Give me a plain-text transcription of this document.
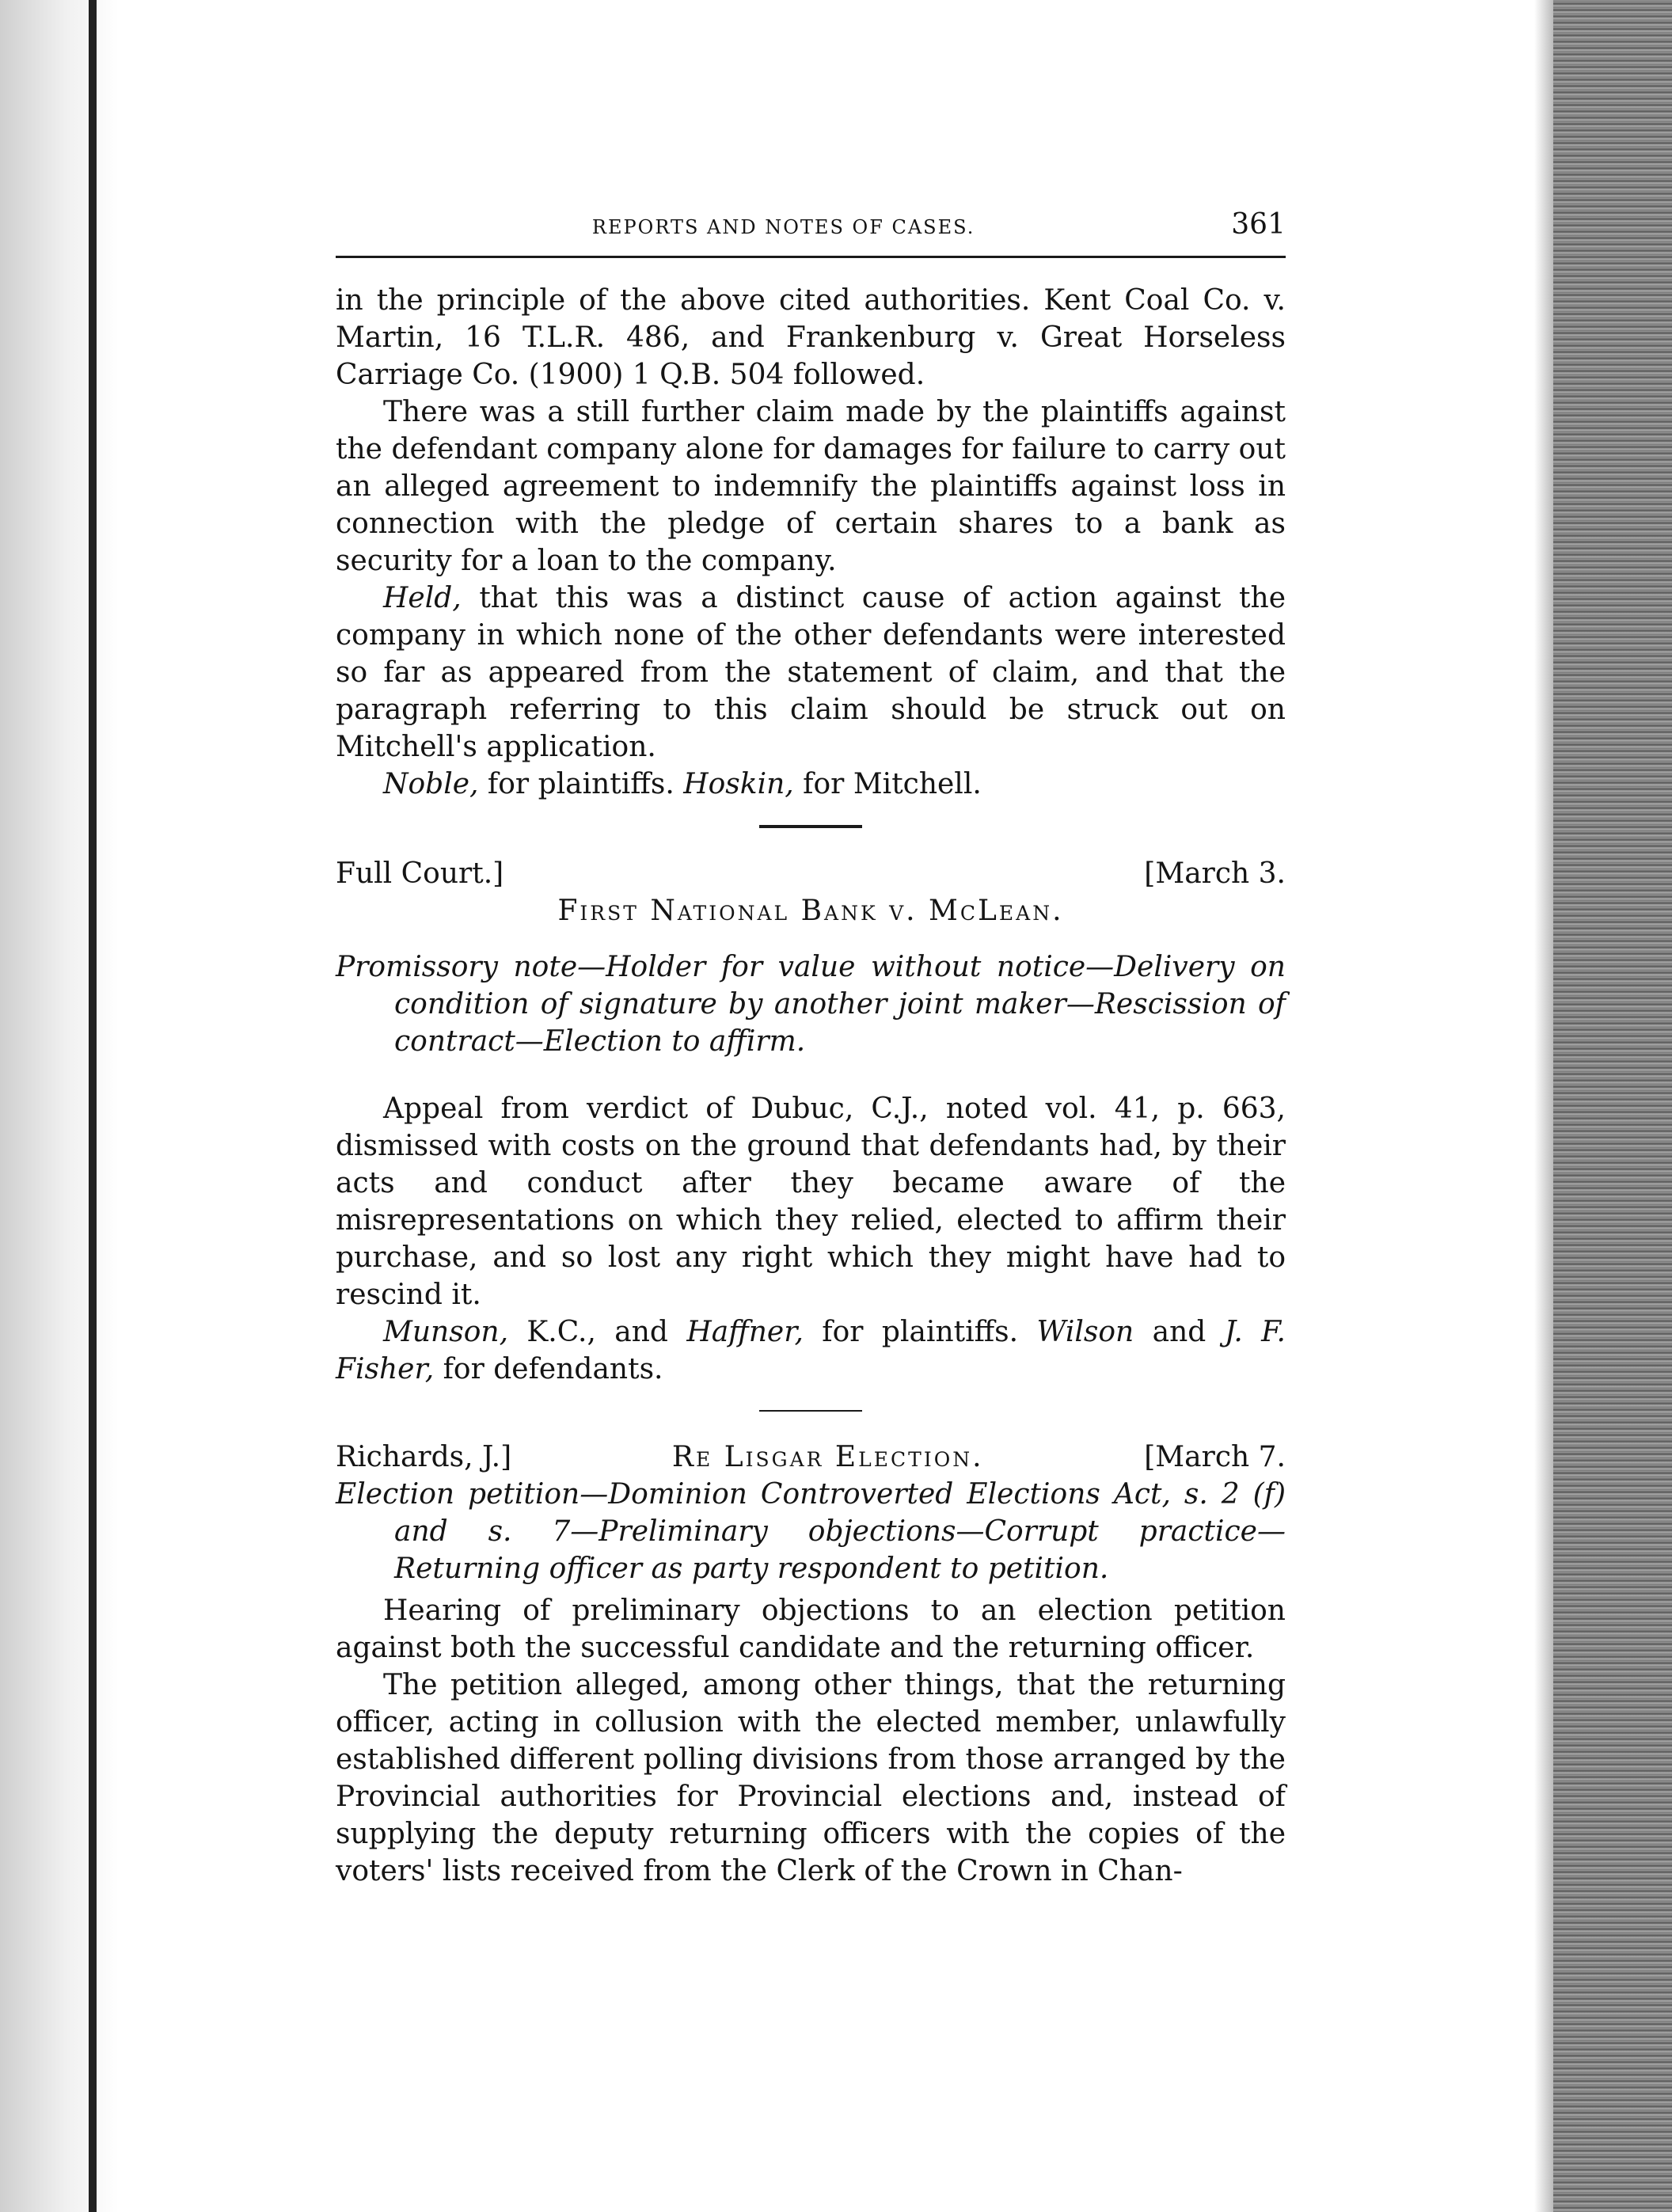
REPORTS AND NOTES OF CASES.	361

in the principle of the above cited authorities. Kent Coal Co. v. Martin, 16 T.L.R. 486, and Frankenburg v. Great Horseless Carriage Co. (1900) 1 Q.B. 504 followed.

There was a still further claim made by the plaintiffs against the defendant company alone for damages for failure to carry out an alleged agreement to indemnify the plaintiffs against loss in connection with the pledge of certain shares to a bank as security for a loan to the company.

Held, that this was a distinct cause of action against the company in which none of the other defendants were interested so far as appeared from the statement of claim, and that the paragraph referring to this claim should be struck out on Mitchell's application.

Noble, for plaintiffs. Hoskin, for Mitchell.

Full Court.]	[March 3.
First National Bank v. McLean.
Promissory note—Holder for value without notice—Delivery on condition of signature by another joint maker—Rescission of contract—Election to affirm.

Appeal from verdict of Dubuc, C.J., noted vol. 41, p. 663, dismissed with costs on the ground that defendants had, by their acts and conduct after they became aware of the misrepresentations on which they relied, elected to affirm their purchase, and so lost any right which they might have had to rescind it.

Munson, K.C., and Haffner, for plaintiffs. Wilson and J. F. Fisher, for defendants.

Richards, J.]	Re Lisgar Election.	[March 7.
Election petition—Dominion Controverted Elections Act, s. 2 (f) and s. 7—Preliminary objections—Corrupt practice—Returning officer as party respondent to petition.

Hearing of preliminary objections to an election petition against both the successful candidate and the returning officer.

The petition alleged, among other things, that the returning officer, acting in collusion with the elected member, unlawfully established different polling divisions from those arranged by the Provincial authorities for Provincial elections and, instead of supplying the deputy returning officers with the copies of the voters' lists received from the Clerk of the Crown in Chan-
